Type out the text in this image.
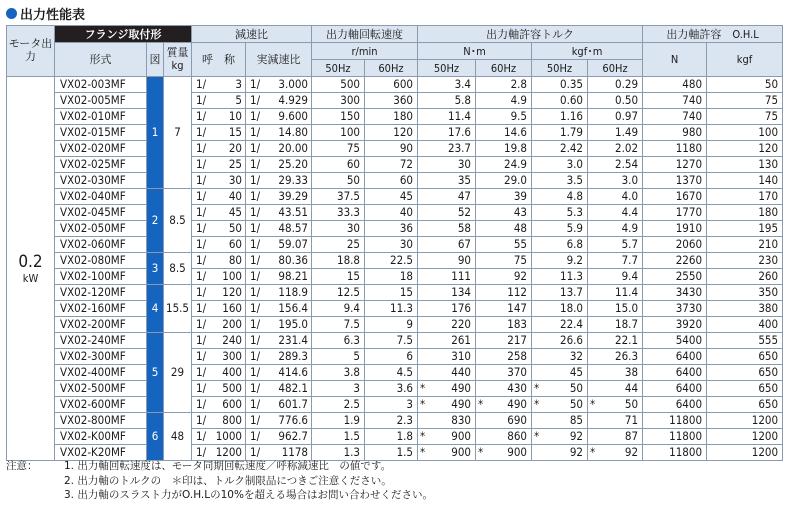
出力性能表
モータ出力	フランジ取付形			減速比		出力軸回転速度		出力軸許容トルク				出力軸許容　O.H.L	
	形式	図	質量
kg	呼　称	実減速比	r/min		N･m		kgf･m		N	kgf
						50Hz	60Hz	50Hz	60Hz	50Hz	60Hz		

0.2
kW	VX02-003MF	1	7	1/ 3	1/ 3.000	500	600	3.4	2.8	0.35	0.29	480	50
	VX02-005MF			1/ 5	1/ 4.929	300	360	5.8	4.9	0.60	0.50	740	75
	VX02-010MF			1/ 10	1/ 9.600	150	180	11.4	9.5	1.16	0.97	740	75
	VX02-015MF			1/ 15	1/ 14.80	100	120	17.6	14.6	1.79	1.49	980	100
	VX02-020MF			1/ 20	1/ 20.00	75	90	23.7	19.8	2.42	2.02	1180	120
	VX02-025MF			1/ 25	1/ 25.20	60	72	30	24.9	3.0	2.54	1270	130
	VX02-030MF			1/ 30	1/ 29.33	50	60	35	29.0	3.5	3.0	1370	140
	VX02-040MF	2	8.5	1/ 40	1/ 39.29	37.5	45	47	39	4.8	4.0	1670	170
	VX02-045MF			1/ 45	1/ 43.51	33.3	40	52	43	5.3	4.4	1770	180
	VX02-050MF			1/ 50	1/ 48.57	30	36	58	48	5.9	4.9	1910	195
	VX02-060MF			1/ 60	1/ 59.07	25	30	67	55	6.8	5.7	2060	210
	VX02-080MF	3	8.5	1/ 80	1/ 80.36	18.8	22.5	90	75	9.2	7.7	2260	230
	VX02-100MF			1/ 100	1/ 98.21	15	18	111	92	11.3	9.4	2550	260
	VX02-120MF	4	15.5	1/ 120	1/ 118.9	12.5	15	134	112	13.7	11.4	3430	350
	VX02-160MF			1/ 160	1/ 156.4	9.4	11.3	176	147	18.0	15.0	3730	380
	VX02-200MF			1/ 200	1/ 195.0	7.5	9	220	183	22.4	18.7	3920	400
	VX02-240MF	5	29	1/ 240	1/ 231.4	6.3	7.5	261	217	26.6	22.1	5400	555
	VX02-300MF			1/ 300	1/ 289.3	5	6	310	258	32	26.3	6400	650
	VX02-400MF			1/ 400	1/ 414.6	3.8	4.5	440	370	45	38	6400	650
	VX02-500MF			1/ 500	1/ 482.1	3	3.6	* 490	430	* 50	44	6400	650
	VX02-600MF			1/ 600	1/ 601.7	2.5	3	* 490	* 490	* 50	* 50	6400	650
	VX02-800MF	6	48	1/ 800	1/ 776.6	1.9	2.3	830	690	85	71	11800	1200
	VX02-K00MF			1/ 1000	1/ 962.7	1.5	1.8	* 900	860	* 92	87	11800	1200
	VX02-K20MF			1/ 1200	1/ 1178	1.3	1.5	* 900	* 900	92	* 92	11800	1200
注意：	1. 出力軸回転速度は、モータ同期回転速度／呼称減速比　の値です。
2. 出力軸のトルクの　＊印は、トルク制限品につきご注意ください。
3. 出力軸のスラスト力がO.H.Lの10%を超える場合はお問い合わせください。
